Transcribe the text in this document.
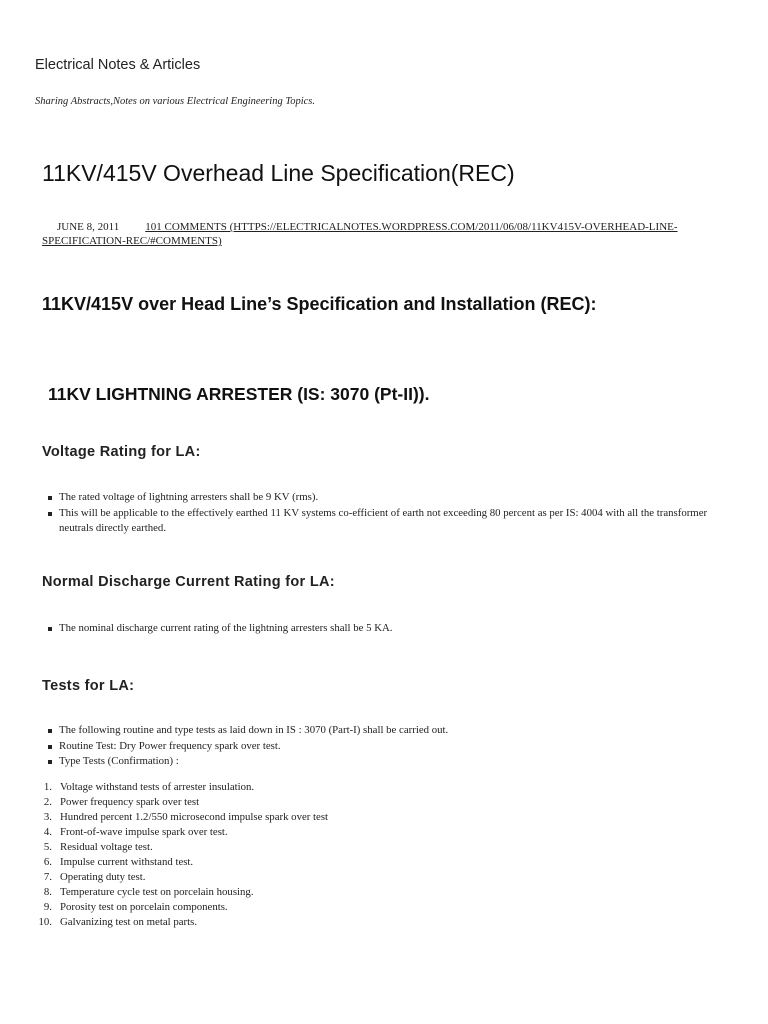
Electrical Notes & Articles

Sharing Abstracts,Notes on various Electrical Engineering Topics.

11KV/415V Overhead Line Specification(REC)
JUNE 8, 2011 101 COMMENTS (HTTPS://ELECTRICALNOTES.WORDPRESS.COM/2011/06/08/11KV415V-OVERHEAD-LINE-SPECIFICATION-REC/#COMMENTS)
11KV/415V over Head Line’s Specification and Installation (REC):
11KV LIGHTNING ARRESTER (IS: 3070 (Pt-II)).
Voltage Rating for LA:
The rated voltage of lightning arresters shall be 9 KV (rms).
This will be applicable to the effectively earthed 11 KV systems co-efficient of earth not exceeding 80 percent as per IS: 4004 with all the transformer neutrals directly earthed.
Normal Discharge Current Rating for LA:
The nominal discharge current rating of the lightning arresters shall be 5 KA.
Tests for LA:
The following routine and type tests as laid down in IS : 3070 (Part-I) shall be carried out.
Routine Test: Dry Power frequency spark over test.
Type Tests (Confirmation) :
1. Voltage withstand tests of arrester insulation.
2. Power frequency spark over test
3. Hundred percent 1.2/550 microsecond impulse spark over test
4. Front-of-wave impulse spark over test.
5. Residual voltage test.
6. Impulse current withstand test.
7. Operating duty test.
8. Temperature cycle test on porcelain housing.
9. Porosity test on porcelain components.
10. Galvanizing test on metal parts.
